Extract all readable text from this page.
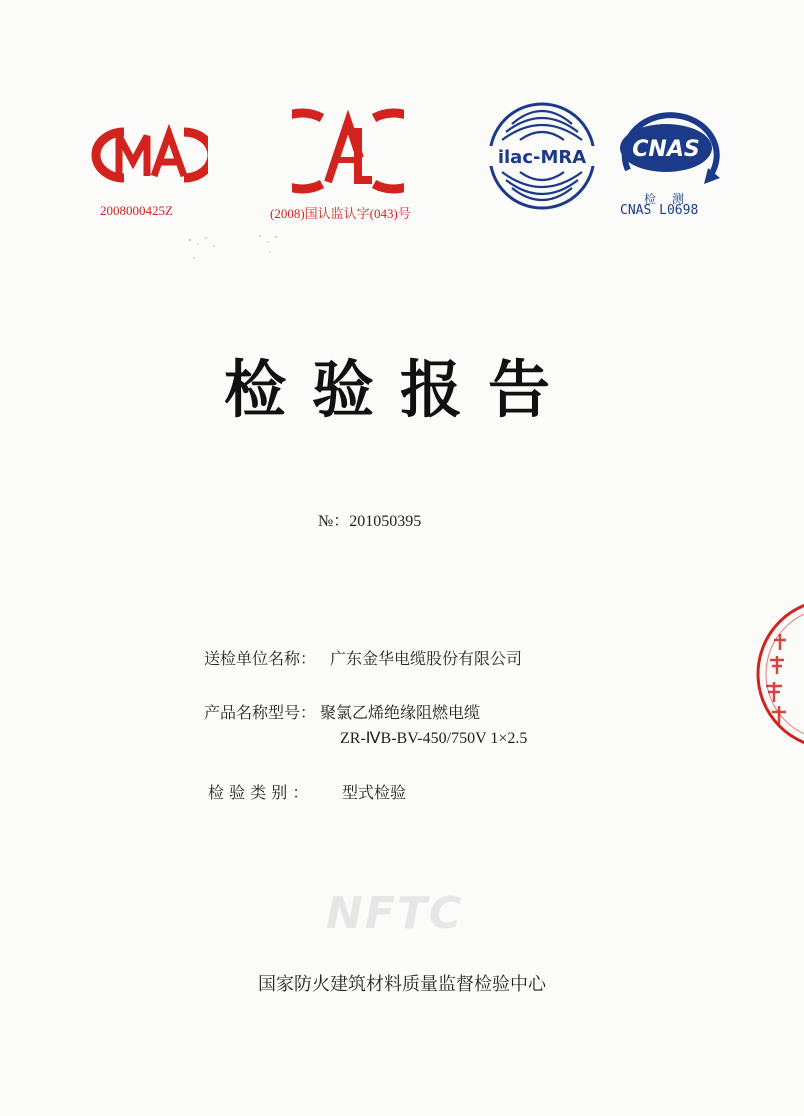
2008000425Z	(2008)国认监认字(043)号
ilac-MRA CNAS
检 测
CNAS L0698
检验报告
№：201050395
送检单位名称： 广东金华电缆股份有限公司
产品名称型号： 聚氯乙烯绝缘阻燃电缆
ZR-ⅣB-BV-450/750V 1×2.5
检 验 类 别 ： 型式检验
NFTC
国家防火建筑材料质量监督检验中心
